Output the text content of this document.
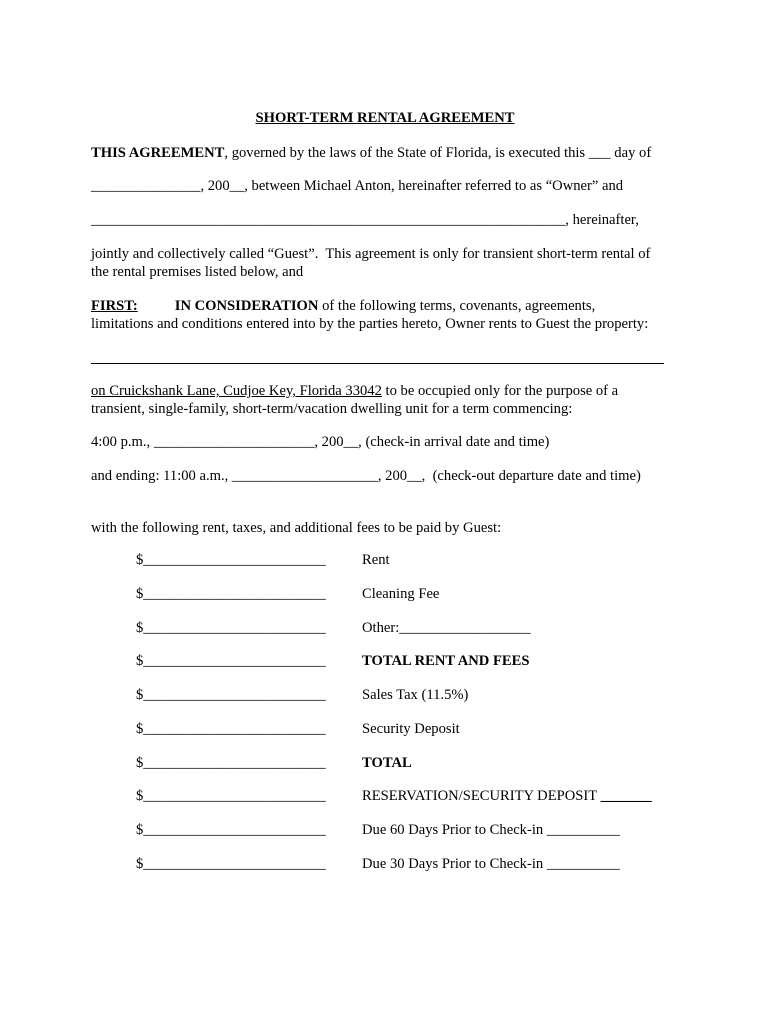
SHORT-TERM RENTAL AGREEMENT
THIS AGREEMENT, governed by the laws of the State of Florida, is executed this ___ day of
_______________, 200__, between Michael Anton, hereinafter referred to as “Owner” and
_________________________________________________________________, hereinafter,
jointly and collectively called “Guest”.  This agreement is only for transient short-term rental of
the rental premises listed below, and
FIRST:	IN CONSIDERATION of the following terms, covenants, agreements,
limitations and conditions entered into by the parties hereto, Owner rents to Guest the property:
on Cruickshank Lane, Cudjoe Key, Florida 33042 to be occupied only for the purpose of a
transient, single-family, short-term/vacation dwelling unit for a term commencing:
4:00 p.m., ______________________, 200__, (check-in arrival date and time)
and ending: 11:00 a.m., ____________________, 200__,  (check-out departure date and time)
with the following rent, taxes, and additional fees to be paid by Guest:
$_________________________ Rent
$_________________________ Cleaning Fee
$_________________________ Other:__________________
$_________________________ TOTAL RENT AND FEES
$_________________________ Sales Tax (11.5%)
$_________________________ Security Deposit
$_________________________ TOTAL
$_________________________ RESERVATION/SECURITY DEPOSIT _______
$_________________________ Due 60 Days Prior to Check-in __________
$_________________________ Due 30 Days Prior to Check-in __________
